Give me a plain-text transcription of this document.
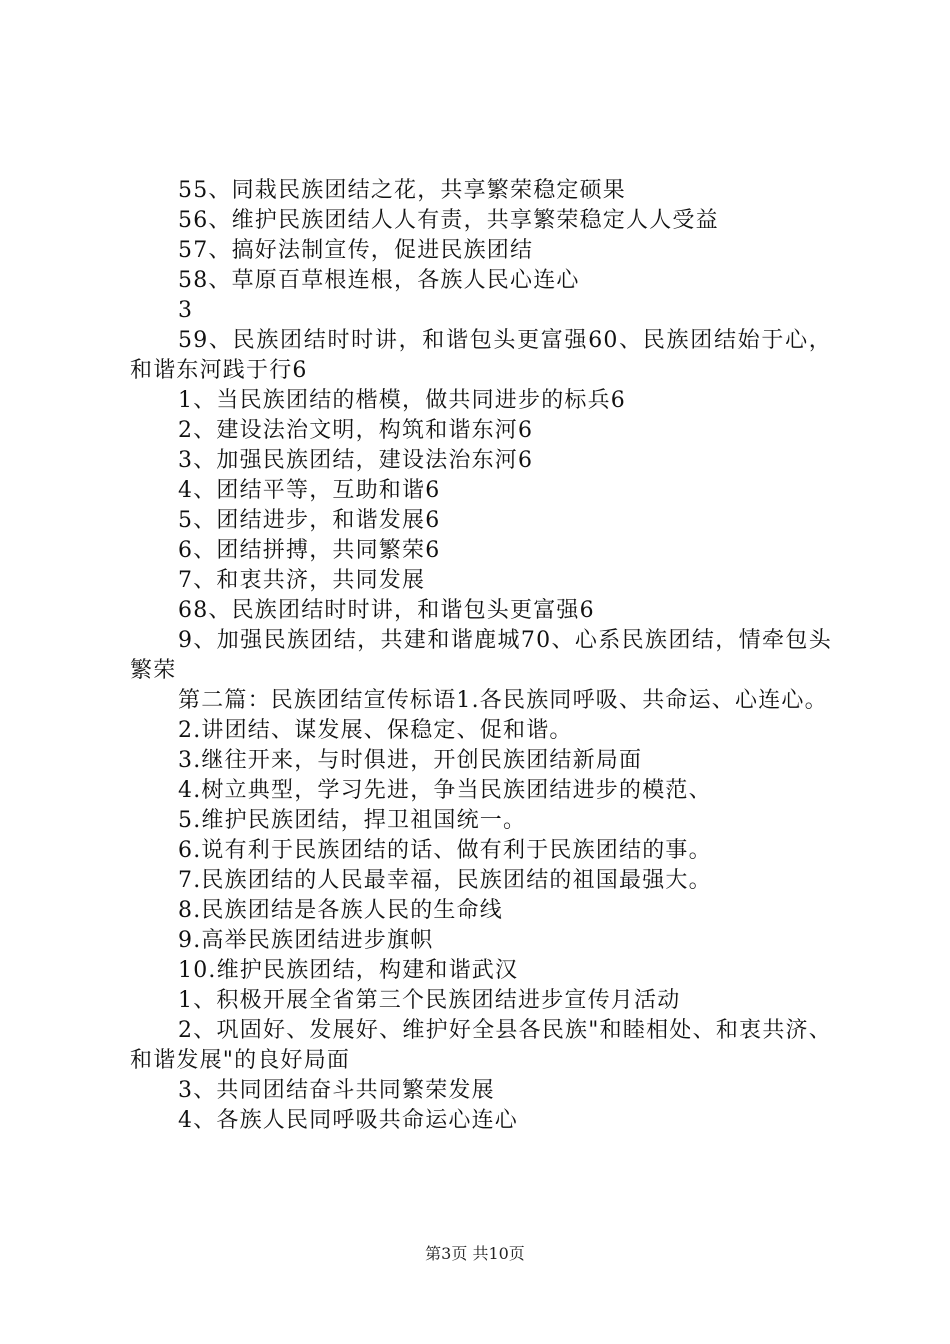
55、同栽民族团结之花，共享繁荣稳定硕果

56、维护民族团结人人有责，共享繁荣稳定人人受益

57、搞好法制宣传，促进民族团结

58、草原百草根连根，各族人民心连心

3

59、民族团结时时讲，和谐包头更富强60、民族团结始于心，和谐东河践于行6

1、当民族团结的楷模，做共同进步的标兵6

2、建设法治文明，构筑和谐东河6

3、加强民族团结，建设法治东河6

4、团结平等，互助和谐6

5、团结进步，和谐发展6

6、团结拼搏，共同繁荣6

7、和衷共济，共同发展

68、民族团结时时讲，和谐包头更富强6

9、加强民族团结，共建和谐鹿城70、心系民族团结，情牵包头繁荣

第二篇：民族团结宣传标语1.各民族同呼吸、共命运、心连心。

2.讲团结、谋发展、保稳定、促和谐。

3.继往开来，与时俱进，开创民族团结新局面

4.树立典型，学习先进，争当民族团结进步的模范、

5.维护民族团结，捍卫祖国统一。

6.说有利于民族团结的话、做有利于民族团结的事。

7.民族团结的人民最幸福，民族团结的祖国最强大。

8.民族团结是各族人民的生命线

9.高举民族团结进步旗帜

10.维护民族团结，构建和谐武汉

1、积极开展全省第三个民族团结进步宣传月活动

2、巩固好、发展好、维护好全县各民族"和睦相处、和衷共济、和谐发展"的良好局面

3、共同团结奋斗共同繁荣发展

4、各族人民同呼吸共命运心连心

第3页 共10页
